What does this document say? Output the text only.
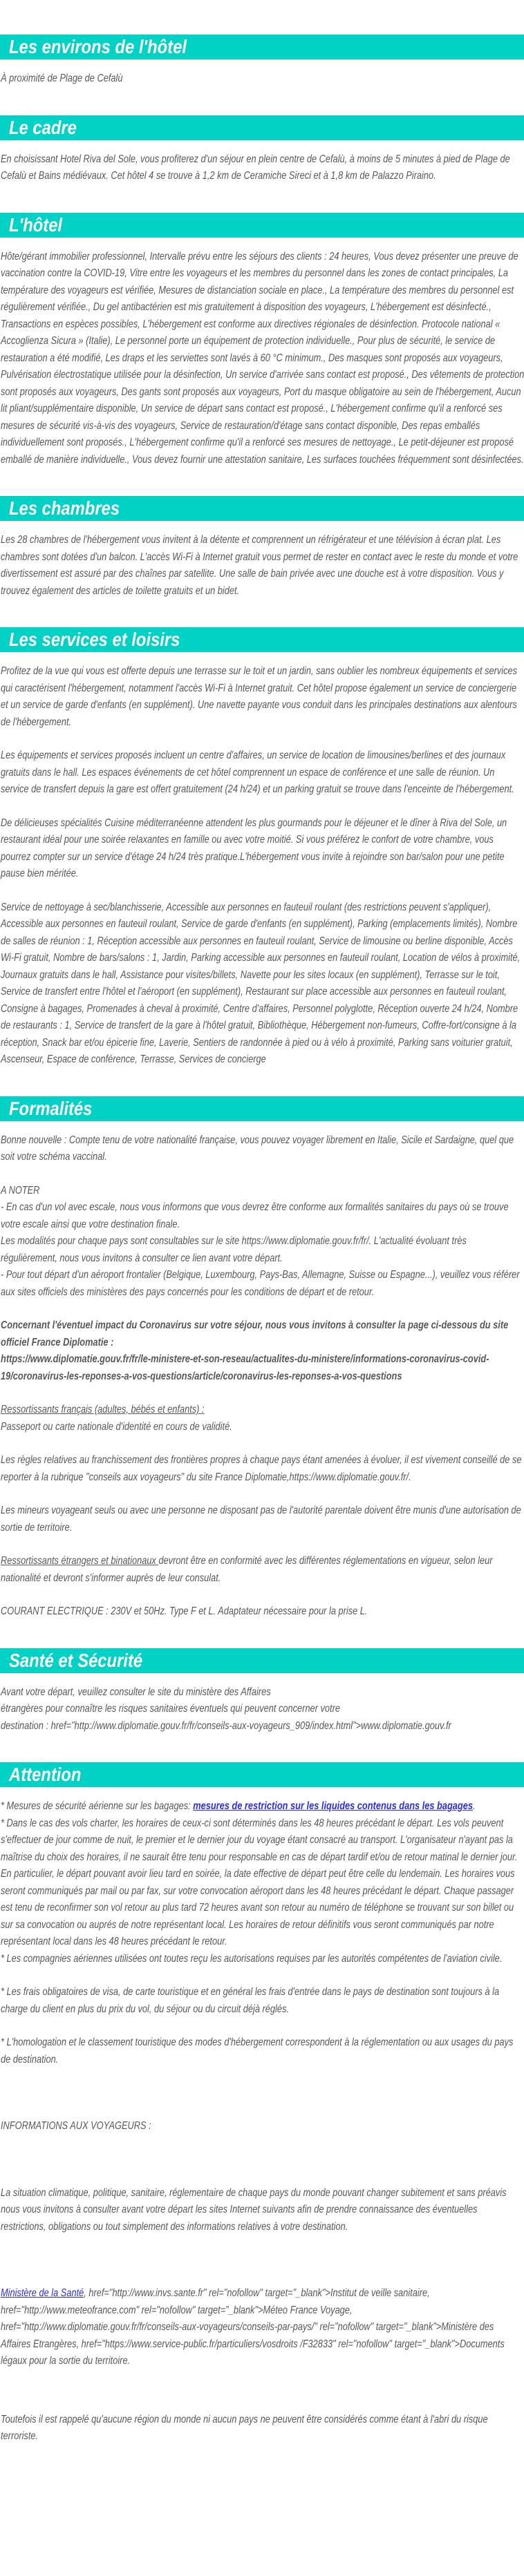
Les environs de l'hôtel

À proximité de Plage de Cefalù

Le cadre

En choisissant Hotel Riva del Sole, vous profiterez d'un séjour en plein centre de Cefalù, à moins de 5 minutes à pied de Plage de Cefalù et Bains médiévaux. Cet hôtel 4 se trouve à 1,2 km de Ceramiche Sireci et à 1,8 km de Palazzo Piraino.

L'hôtel

Hôte/gérant immobilier professionnel, Intervalle prévu entre les séjours des clients : 24 heures, Vous devez présenter une preuve de vaccination contre la COVID-19, Vitre entre les voyageurs et les membres du personnel dans les zones de contact principales, La température des voyageurs est vérifiée, Mesures de distanciation sociale en place., La température des membres du personnel est régulièrement vérifiée., Du gel antibactérien est mis gratuitement à disposition des voyageurs, L'hébergement est désinfecté., Transactions en espèces possibles, L'hébergement est conforme aux directives régionales de désinfection. Protocole national « Accoglienza Sicura » (Italie), Le personnel porte un équipement de protection individuelle., Pour plus de sécurité, le service de restauration a été modifié, Les draps et les serviettes sont lavés à 60 °C minimum., Des masques sont proposés aux voyageurs, Pulvérisation électrostatique utilisée pour la désinfection, Un service d'arrivée sans contact est proposé., Des vêtements de protection sont proposés aux voyageurs, Des gants sont proposés aux voyageurs, Port du masque obligatoire au sein de l'hébergement, Aucun lit pliant/supplémentaire disponible, Un service de départ sans contact est proposé., L'hébergement confirme qu'il a renforcé ses mesures de sécurité vis-à-vis des voyageurs, Service de restauration/d'étage sans contact disponible, Des repas emballés individuellement sont proposés., L'hébergement confirme qu'il a renforcé ses mesures de nettoyage., Le petit-déjeuner est proposé emballé de manière individuelle., Vous devez fournir une attestation sanitaire, Les surfaces touchées fréquemment sont désinfectées.

Les chambres

Les 28 chambres de l'hébergement vous invitent à la détente et comprennent un réfrigérateur et une télévision à écran plat. Les chambres sont dotées d'un balcon. L'accès Wi-Fi à Internet gratuit vous permet de rester en contact avec le reste du monde et votre divertissement est assuré par des chaînes par satellite. Une salle de bain privée avec une douche est à votre disposition. Vous y trouvez également des articles de toilette gratuits et un bidet.

Les services et loisirs

Profitez de la vue qui vous est offerte depuis une terrasse sur le toit et un jardin, sans oublier les nombreux équipements et services qui caractérisent l'hébergement, notamment l'accès Wi-Fi à Internet gratuit. Cet hôtel propose également un service de conciergerie et un service de garde d'enfants (en supplément). Une navette payante vous conduit dans les principales destinations aux alentours de l'hébergement.

Les équipements et services proposés incluent un centre d'affaires, un service de location de limousines/berlines et des journaux gratuits dans le hall. Les espaces événements de cet hôtel comprennent un espace de conférence et une salle de réunion. Un service de transfert depuis la gare est offert gratuitement (24 h/24) et un parking gratuit se trouve dans l'enceinte de l'hébergement.

De délicieuses spécialités Cuisine méditerranéenne attendent les plus gourmands pour le déjeuner et le dîner à Riva del Sole, un restaurant idéal pour une soirée relaxantes en famille ou avec votre moitié. Si vous préférez le confort de votre chambre, vous pourrez compter sur un service d'étage 24 h/24 très pratique.L'hébergement vous invite à rejoindre son bar/salon pour une petite pause bien méritée.

Service de nettoyage à sec/blanchisserie, Accessible aux personnes en fauteuil roulant (des restrictions peuvent s'appliquer), Accessible aux personnes en fauteuil roulant, Service de garde d'enfants (en supplément), Parking (emplacements limités), Nombre de salles de réunion : 1, Réception accessible aux personnes en fauteuil roulant, Service de limousine ou berline disponible, Accès Wi-Fi gratuit, Nombre de bars/salons : 1, Jardin, Parking accessible aux personnes en fauteuil roulant, Location de vélos à proximité, Journaux gratuits dans le hall, Assistance pour visites/billets, Navette pour les sites locaux (en supplément), Terrasse sur le toit, Service de transfert entre l'hôtel et l'aéroport (en supplément), Restaurant sur place accessible aux personnes en fauteuil roulant, Consigne à bagages, Promenades à cheval à proximité, Centre d'affaires, Personnel polyglotte, Réception ouverte 24 h/24, Nombre de restaurants : 1, Service de transfert de la gare à l'hôtel gratuit, Bibliothèque, Hébergement non-fumeurs, Coffre-fort/consigne à la réception, Snack bar et/ou épicerie fine, Laverie, Sentiers de randonnée à pied ou à vélo à proximité, Parking sans voiturier gratuit, Ascenseur, Espace de conférence, Terrasse, Services de concierge

Formalités

Bonne nouvelle : Compte tenu de votre nationalité française, vous pouvez voyager librement en Italie, Sicile et Sardaigne, quel que soit votre schéma vaccinal.

A NOTER
- En cas d'un vol avec escale, nous vous informons que vous devrez être conforme aux formalités sanitaires du pays où se trouve votre escale ainsi que votre destination finale.
Les modalités pour chaque pays sont consultables sur le site https://www.diplomatie.gouv.fr/fr/. L'actualité évoluant très régulièrement, nous vous invitons à consulter ce lien avant votre départ.
- Pour tout départ d'un aéroport frontalier (Belgique, Luxembourg, Pays-Bas, Allemagne, Suisse ou Espagne...), veuillez vous référer aux sites officiels des ministères des pays concernés pour les conditions de départ et de retour.

Concernant l'éventuel impact du Coronavirus sur votre séjour, nous vous invitons à consulter la page ci-dessous du site officiel France Diplomatie :
https://www.diplomatie.gouv.fr/fr/le-ministere-et-son-reseau/actualites-du-ministere/informations-coronavirus-covid-19/coronavirus-les-reponses-a-vos-questions/article/coronavirus-les-reponses-a-vos-questions

Ressortissants français (adultes, bébés et enfants) :
Passeport ou carte nationale d'identité en cours de validité.

Les règles relatives au franchissement des frontières propres à chaque pays étant amenées à évoluer, il est vivement conseillé de se reporter à la rubrique "conseils aux voyageurs" du site France Diplomatie,https://www.diplomatie.gouv.fr/.

Les mineurs voyageant seuls ou avec une personne ne disposant pas de l'autorité parentale doivent être munis d'une autorisation de sortie de territoire.

Ressortissants étrangers et binationaux devront être en conformité avec les différentes réglementations en vigueur, selon leur nationalité et devront s'informer auprès de leur consulat.

COURANT ELECTRIQUE : 230V et 50Hz. Type F et L. Adaptateur nécessaire pour la prise L.

Santé et Sécurité

Avant votre départ, veuillez consulter le site du ministère des Affaires
étrangères pour connaître les risques sanitaires éventuels qui peuvent concerner votre
destination : href="http://www.diplomatie.gouv.fr/fr/conseils-aux-voyageurs_909/index.html">www.diplomatie.gouv.fr

Attention

* Mesures de sécurité aérienne sur les bagages: mesures de restriction sur les liquides contenus dans les bagages.
* Dans le cas des vols charter, les horaires de ceux-ci sont déterminés dans les 48 heures précédant le départ. Les vols peuvent s'effectuer de jour comme de nuit, le premier et le dernier jour du voyage étant consacré au transport. L'organisateur n'ayant pas la maîtrise du choix des horaires, il ne saurait être tenu pour responsable en cas de départ tardif et/ou de retour matinal le dernier jour. En particulier, le départ pouvant avoir lieu tard en soirée, la date effective de départ peut être celle du lendemain. Les horaires vous seront communiqués par mail ou par fax, sur votre convocation aéroport dans les 48 heures précédant le départ. Chaque passager est tenu de reconfirmer son vol retour au plus tard 72 heures avant son retour au numéro de téléphone se trouvant sur son billet ou sur sa convocation ou auprés de notre représentant local. Les horaires de retour définitifs vous seront communiqués par notre représentant local dans les 48 heures précédant le retour.
* Les compagnies aériennes utilisées ont toutes reçu les autorisations requises par les autorités compétentes de l'aviation civile.

* Les frais obligatoires de visa, de carte touristique et en général les frais d'entrée dans le pays de destination sont toujours à la charge du client en plus du prix du vol, du séjour ou du circuit déjà réglés.

* L'homologation et le classement touristique des modes d'hébergement correspondent à la réglementation ou aux usages du pays de destination.

INFORMATIONS AUX VOYAGEURS :

La situation climatique, politique, sanitaire, réglementaire de chaque pays du monde pouvant changer subitement et sans préavis
nous vous invitons à consulter avant votre départ les sites Internet suivants afin de prendre connaissance des éventuelles restrictions, obligations ou tout simplement des informations relatives à votre destination.

Ministère de la Santé, href="http://www.invs.sante.fr" rel="nofollow" target="_blank">Institut de veille sanitaire, href="http://www.meteofrance.com" rel="nofollow" target="_blank">Méteo France Voyage, href="http://www.diplomatie.gouv.fr/fr/conseils-aux-voyageurs/conseils-par-pays/" rel="nofollow" target="_blank">Ministère des Affaires Etrangères, href="https://www.service-public.fr/particuliers/vosdroits /F32833" rel="nofollow" target="_blank">Documents légaux pour la sortie du territoire.

Toutefois il est rappelé qu'aucune région du monde ni aucun pays ne peuvent être considérés comme étant à l'abri du risque terroriste.
